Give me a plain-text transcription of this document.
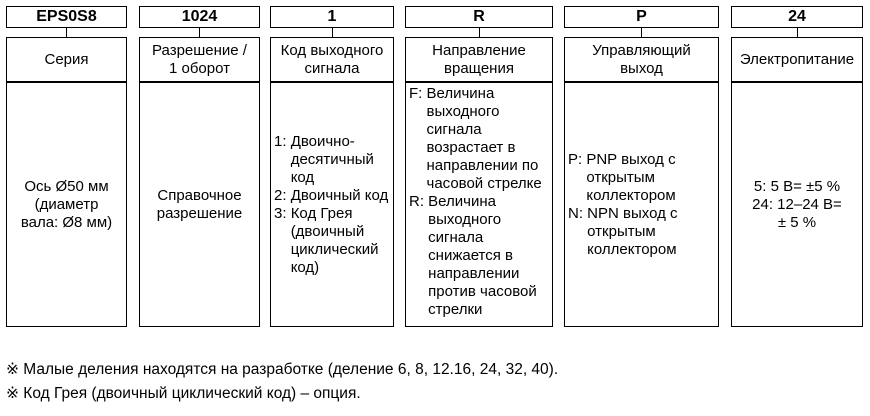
EPS0S8
Серия
Ось Ø50 мм
(диаметр
вала: Ø8 мм)
1024
Разрешение /
1 оборот
Справочное
разрешение
1
Код выходного
сигнала
1: Двоично-десятичный код
2: Двоичный код
3: Код Грея (двоичный циклический код)
R
Направление
вращения
F: Величина выходного сигнала возрастает в направлении по часовой стрелке
R: Величина выходного сигнала снижается в направлении против часовой стрелки
P
Управляющий
выход
P: PNP выход с открытым коллектором
N: NPN выход с открытым коллектором
24
Электропитание
5: 5 В= ±5 %
24: 12–24 В=
± 5 %
※ Малые деления находятся на разработке (деление 6, 8, 12.16, 24, 32, 40).
※ Код Грея (двоичный циклический код) – опция.
